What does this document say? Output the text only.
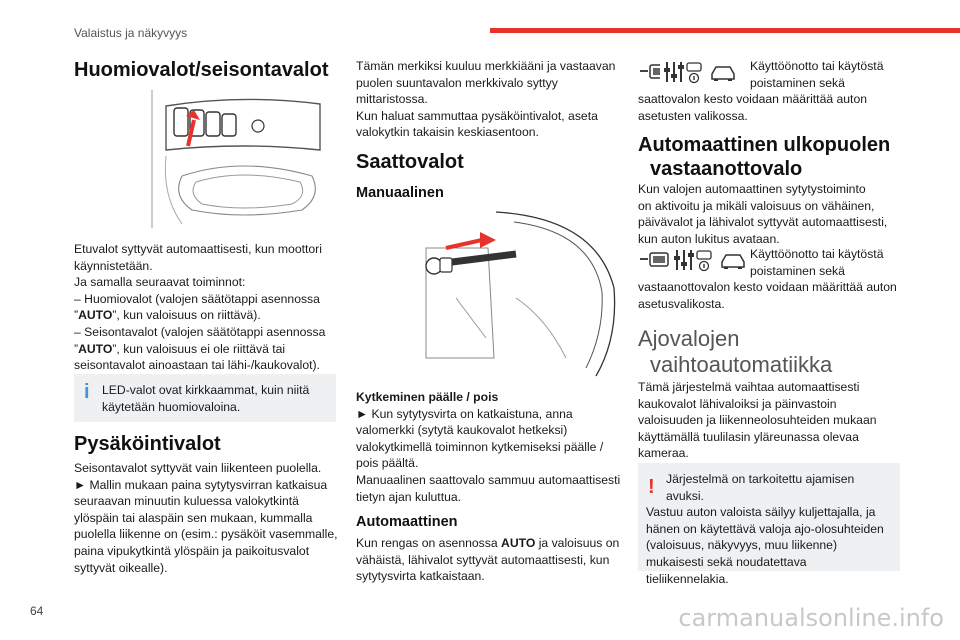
Valaistus ja näkyvyys
Huomiovalot/seisontavalot
Etuvalot syttyvät automaattisesti, kun moottori
käynnistetään.
Ja samalla seuraavat toiminnot:
– Huomiovalot (valojen säätötappi asennossa
”AUTO”, kun valoisuus on riittävä).
– Seisontavalot (valojen säätötappi asennossa
”AUTO”, kun valoisuus ei ole riittävä tai
seisontavalot ainoastaan tai lähi-/kaukovalot).
i LED-valot ovat kirkkaammat, kuin niitä
käytetään huomiovaloina.
Pysäköintivalot
Seisontavalot syttyvät vain liikenteen puolella.
► Mallin mukaan paina sytytysvirran katkaisua
seuraavan minuutin kuluessa valokytkintä
ylöspäin tai alaspäin sen mukaan, kummalla
puolella liikenne on (esim.: pysäköit vasemmalle,
paina vipukytkintä ylöspäin ja paikoitusvalot
syttyvät oikealle).
Tämän merkiksi kuuluu merkkiääni ja vastaavan
puolen suuntavalon merkkivalo syttyy
mittaristossa.
Kun haluat sammuttaa pysäköintivalot, aseta
valokytkin takaisin keskiasentoon.
Saattovalot
Manuaalinen
Kytkeminen päälle / pois
► Kun sytytysvirta on katkaistuna, anna
valomerkki (sytytä kaukovalot hetkeksi)
valokytkimellä toiminnon kytkemiseksi päälle /
pois päältä.
Manuaalinen saattovalo sammuu automaattisesti
tietyn ajan kuluttua.
Automaattinen
Kun rengas on asennossa AUTO ja valoisuus on
vähäistä, lähivalot syttyvät automaattisesti, kun
sytytysvirta katkaistaan.
Käyttöönotto tai käytöstä
poistaminen sekä
saattovalon kesto voidaan määrittää auton
asetusten valikossa.
Automaattinen ulkopuolen
vastaanottovalo
Kun valojen automaattinen sytytystoiminto
on aktivoitu ja mikäli valoisuus on vähäinen,
päivävalot ja lähivalot syttyvät automaattisesti,
kun auton lukitus avataan.
Käyttöönotto tai käytöstä
poistaminen sekä
vastaanottovalon kesto voidaan määrittää auton
asetusvalikosta.
Ajovalojen
vaihtoautomatiikka
Tämä järjestelmä vaihtaa automaattisesti
kaukovalot lähivaloiksi ja päinvastoin
valoisuuden ja liikenneolosuhteiden mukaan
käyttämällä tuulilasin yläreunassa olevaa
kameraa.
! Järjestelmä on tarkoitettu ajamisen
avuksi.
Vastuu auton valoista säilyy kuljettajalla, ja
hänen on käytettävä valoja ajo-olosuhteiden
(valoisuus, näkyvyys, muu liikenne)
mukaisesti sekä noudatettava tieliikennelakia.
64	carmanualsonline.info
